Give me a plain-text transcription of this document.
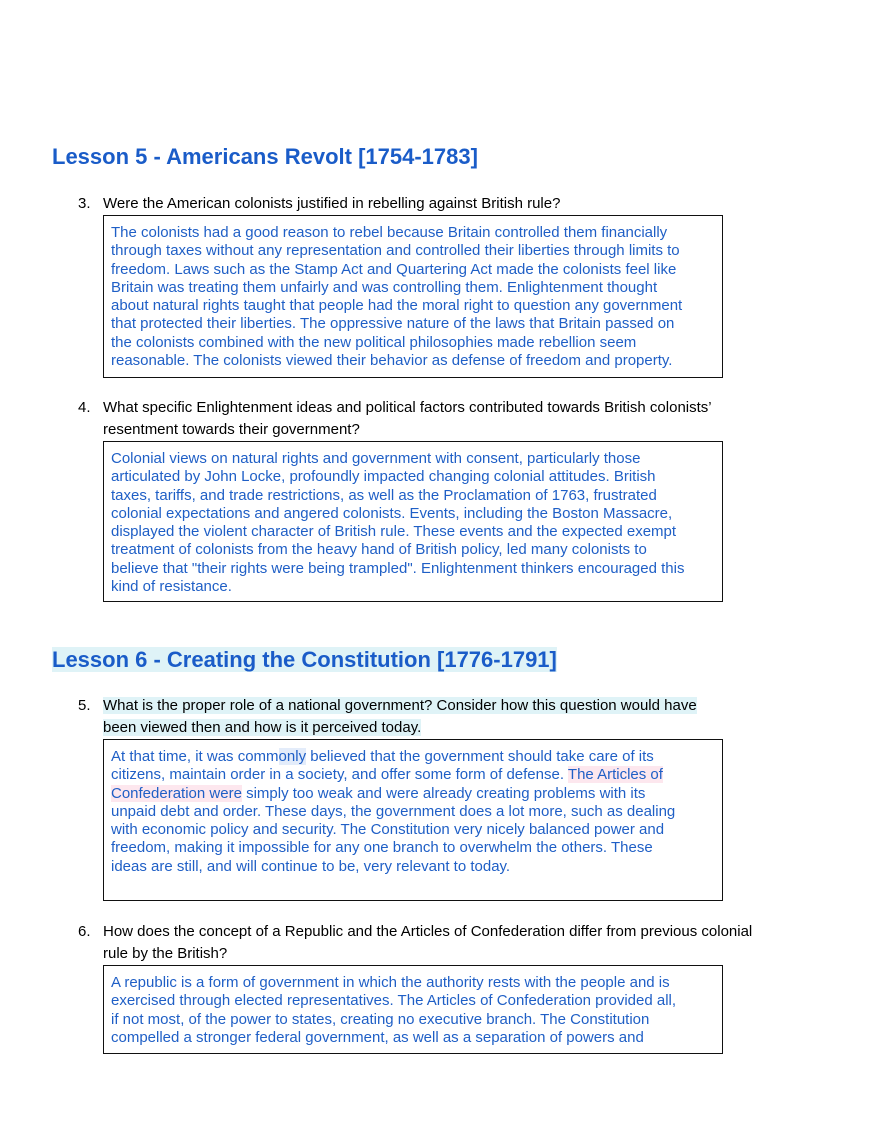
Lesson 5 - Americans Revolt [1754-1783]
3. Were the American colonists justified in rebelling against British rule?
The colonists had a good reason to rebel because Britain controlled them financially
through taxes without any representation and controlled their liberties through limits to
freedom. Laws such as the Stamp Act and Quartering Act made the colonists feel like
Britain was treating them unfairly and was controlling them. Enlightenment thought
about natural rights taught that people had the moral right to question any government
that protected their liberties. The oppressive nature of the laws that Britain passed on
the colonists combined with the new political philosophies made rebellion seem
reasonable. The colonists viewed their behavior as defense of freedom and property.
4. What specific Enlightenment ideas and political factors contributed towards British colonists’
resentment towards their government?
Colonial views on natural rights and government with consent, particularly those
articulated by John Locke, profoundly impacted changing colonial attitudes. British
taxes, tariffs, and trade restrictions, as well as the Proclamation of 1763, frustrated
colonial expectations and angered colonists. Events, including the Boston Massacre,
displayed the violent character of British rule. These events and the expected exempt
treatment of colonists from the heavy hand of British policy, led many colonists to
believe that "their rights were being trampled". Enlightenment thinkers encouraged this
kind of resistance.
Lesson 6 - Creating the Constitution [1776-1791]
5. What is the proper role of a national government? Consider how this question would have
been viewed then and how is it perceived today.
At that time, it was commonly believed that the government should take care of its
citizens, maintain order in a society, and offer some form of defense. The Articles of
Confederation were simply too weak and were already creating problems with its
unpaid debt and order. These days, the government does a lot more, such as dealing
with economic policy and security. The Constitution very nicely balanced power and
freedom, making it impossible for any one branch to overwhelm the others. These
ideas are still, and will continue to be, very relevant to today.
6. How does the concept of a Republic and the Articles of Confederation differ from previous colonial
rule by the British?
A republic is a form of government in which the authority rests with the people and is
exercised through elected representatives. The Articles of Confederation provided all,
if not most, of the power to states, creating no executive branch. The Constitution
compelled a stronger federal government, as well as a separation of powers and
